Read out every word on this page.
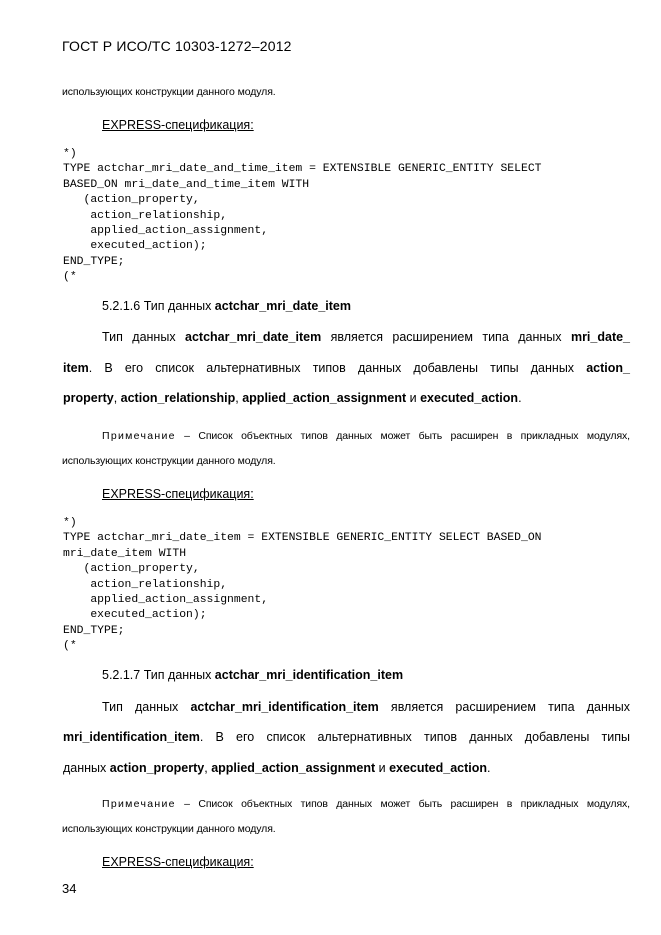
ГОСТ Р ИСО/ТС 10303-1272–2012
использующих конструкции данного модуля.
EXPRESS-спецификация:
*)
TYPE actchar_mri_date_and_time_item = EXTENSIBLE GENERIC_ENTITY SELECT
BASED_ON mri_date_and_time_item WITH
(action_property,
action_relationship,
applied_action_assignment,
executed_action);
END_TYPE;
(*
5.2.1.6 Тип данных actchar_mri_date_item
Тип данных actchar_mri_date_item является расширением типа данных mri_date_
item. В его список альтернативных типов данных добавлены типы данных action_
property, action_relationship, applied_action_assignment и executed_action.
Примечание – Список объектных типов данных может быть расширен в прикладных модулях,
использующих конструкции данного модуля.
EXPRESS-спецификация:
*)
TYPE actchar_mri_date_item = EXTENSIBLE GENERIC_ENTITY SELECT BASED_ON
mri_date_item WITH
(action_property,
action_relationship,
applied_action_assignment,
executed_action);
END_TYPE;
(*
5.2.1.7 Тип данных actchar_mri_identification_item
Тип данных actchar_mri_identification_item является расширением типа данных
mri_identification_item. В его список альтернативных типов данных добавлены типы
данных action_property, applied_action_assignment и executed_action.
Примечание – Список объектных типов данных может быть расширен в прикладных модулях,
использующих конструкции данного модуля.
EXPRESS-спецификация:
34
